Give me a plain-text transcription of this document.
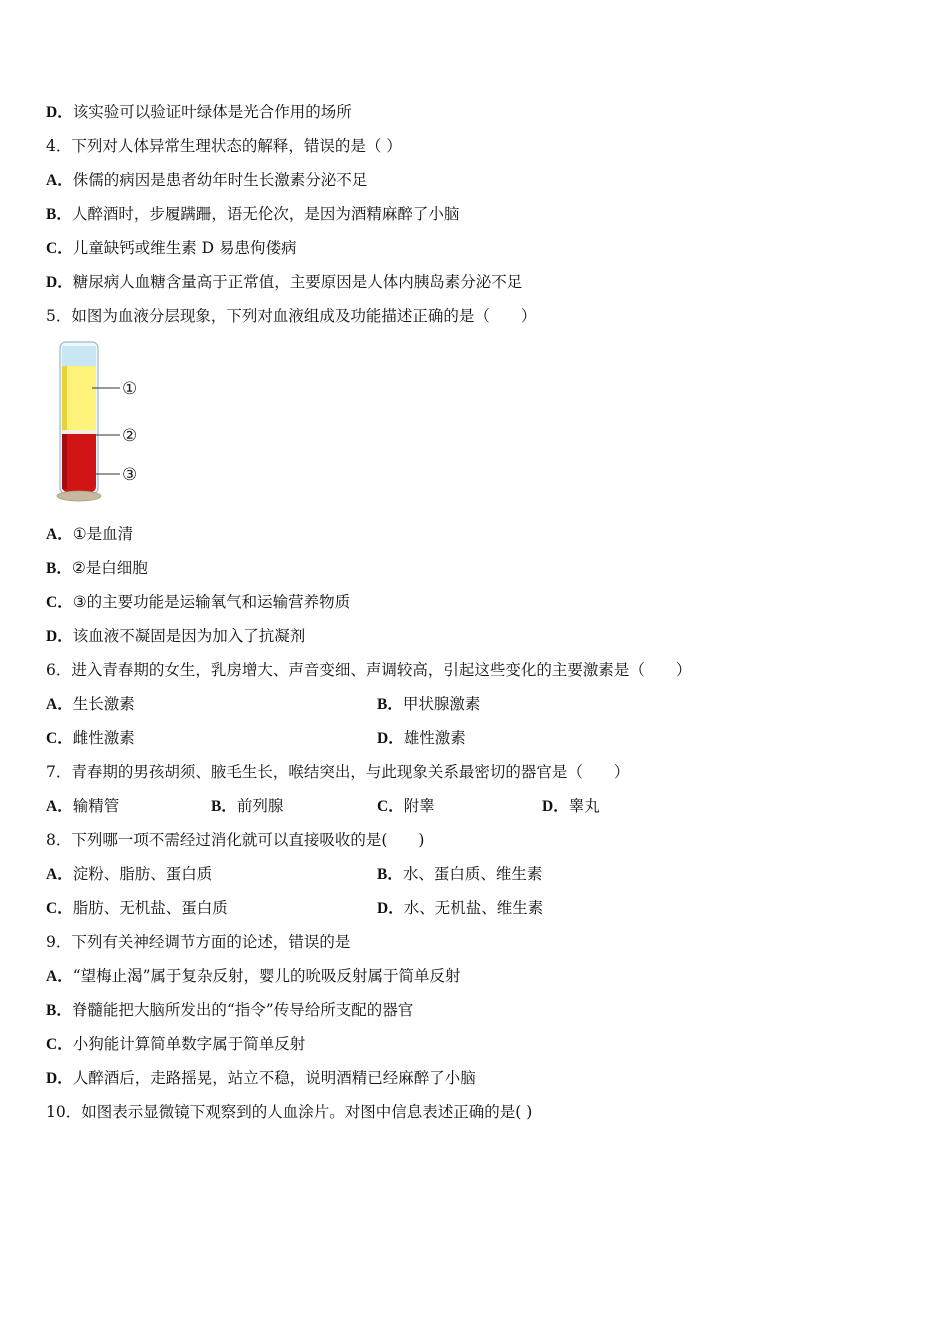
D．该实验可以验证叶绿体是光合作用的场所
4．下列对人体异常生理状态的解释，错误的是（ ）
A．侏儒的病因是患者幼年时生长激素分泌不足
B．人醉酒时，步履蹒跚，语无伦次，是因为酒精麻醉了小脑
C．儿童缺钙或维生素 D 易患佝偻病
D．糖尿病人血糖含量高于正常值，主要原因是人体内胰岛素分泌不足
5．如图为血液分层现象，下列对血液组成及功能描述正确的是（　　）
①
②
③
A．①是血清
B．②是白细胞
C．③的主要功能是运输氧气和运输营养物质
D．该血液不凝固是因为加入了抗凝剂
6．进入青春期的女生，乳房增大、声音变细、声调较高，引起这些变化的主要激素是（　　）
A．生长激素	B．甲状腺激素
C．雌性激素	D．雄性激素
7．青春期的男孩胡须、腋毛生长，喉结突出，与此现象关系最密切的器官是（　　）
A．输精管	B．前列腺	C．附睾	D．睾丸
8．下列哪一项不需经过消化就可以直接吸收的是(　　)
A．淀粉、脂肪、蛋白质	B．水、蛋白质、维生素
C．脂肪、无机盐、蛋白质	D．水、无机盐、维生素
9．下列有关神经调节方面的论述，错误的是
A．“望梅止渴”属于复杂反射，婴儿的吮吸反射属于简单反射
B．脊髓能把大脑所发出的“指令”传导给所支配的器官
C．小狗能计算简单数字属于简单反射
D．人醉酒后，走路摇晃，站立不稳，说明酒精已经麻醉了小脑
10．如图表示显微镜下观察到的人血涂片。对图中信息表述正确的是( )
